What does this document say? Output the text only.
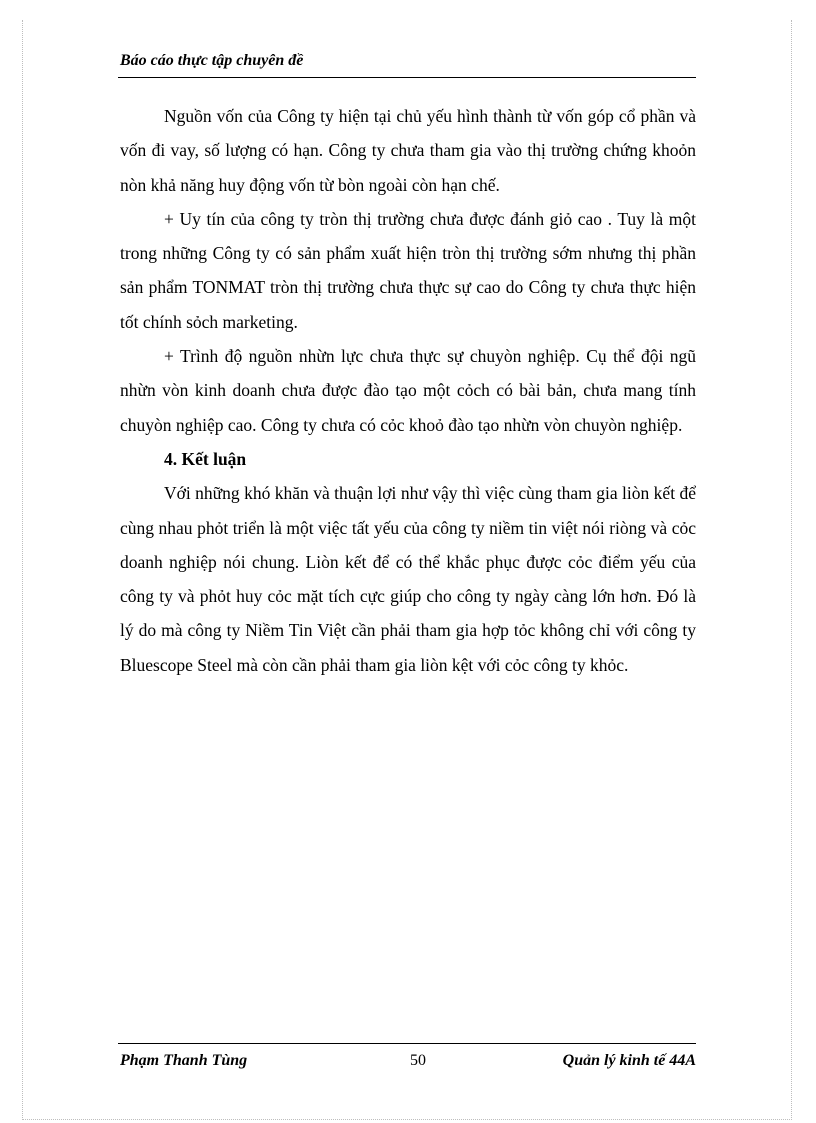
Báo cáo thực tập chuyên đề

Nguồn vốn của Công ty hiện tại chủ yếu hình thành từ vốn góp cổ phần và vốn đi vay, số lượng có hạn. Công ty chưa tham gia vào thị trường chứng khoỏn nòn khả năng huy động vốn từ bòn ngoài còn hạn chế.

+ Uy tín của công ty tròn thị trường chưa được đánh giỏ cao . Tuy là một trong những Công ty có sản phẩm xuất hiện tròn thị trường sớm nhưng thị phần sản phẩm TONMAT tròn thị trường chưa thực sự cao do Công ty chưa thực hiện tốt chính sỏch marketing.

+ Trình độ nguồn nhừn lực chưa thực sự chuyòn nghiệp. Cụ thể đội ngũ nhừn vòn kinh doanh chưa được đào tạo một cỏch có bài bản, chưa mang tính chuyòn nghiệp cao. Công ty chưa có cỏc khoỏ đào tạo nhừn vòn chuyòn nghiệp.

4. Kết luận

Với những khó khăn và thuận lợi như vậy thì việc cùng tham gia liòn kết để cùng nhau phỏt triển là một việc tất yếu của công ty niềm tin việt nói riòng và cỏc doanh nghiệp nói chung. Liòn kết để có thể khắc phục được cỏc điểm yếu của công ty và phỏt huy cỏc mặt tích cực giúp cho công ty ngày càng lớn hơn. Đó là lý do mà công ty Niềm Tin Việt cần phải tham gia hợp tỏc không chỉ với công ty Bluescope Steel mà còn cần phải tham gia liòn kệt với cỏc công ty khỏc.

Phạm Thanh Tùng	50	Quản lý kinh tế 44A
